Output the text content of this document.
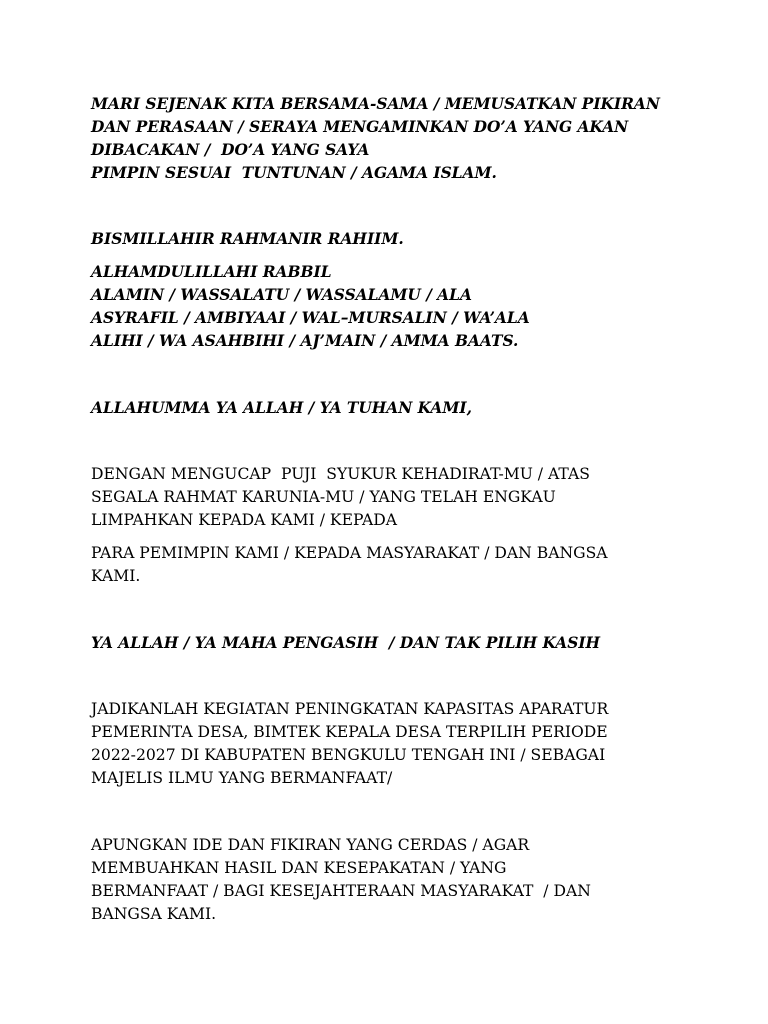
MARI SEJENAK KITA BERSAMA-SAMA / MEMUSATKAN PIKIRAN
DAN PERASAAN / SERAYA MENGAMINKAN DO’A YANG AKAN
DIBACAKAN /  DO’A YANG SAYA
PIMPIN SESUAI  TUNTUNAN / AGAMA ISLAM.
BISMILLAHIR RAHMANIR RAHIIM.
ALHAMDULILLAHI RABBIL
ALAMIN / WASSALATU / WASSALAMU / ALA
ASYRAFIL / AMBIYAAI / WAL–MURSALIN / WA’ALA
ALIHI / WA ASAHBIHI / AJ’MAIN / AMMA BAATS.
ALLAHUMMA YA ALLAH / YA TUHAN KAMI,
DENGAN MENGUCAP  PUJI  SYUKUR KEHADIRAT-MU / ATAS
SEGALA RAHMAT KARUNIA-MU / YANG TELAH ENGKAU
LIMPAHKAN KEPADA KAMI / KEPADA
PARA PEMIMPIN KAMI / KEPADA MASYARAKAT / DAN BANGSA
KAMI.
YA ALLAH / YA MAHA PENGASIH  / DAN TAK PILIH KASIH
JADIKANLAH KEGIATAN PENINGKATAN KAPASITAS APARATUR
PEMERINTA DESA, BIMTEK KEPALA DESA TERPILIH PERIODE
2022-2027 DI KABUPATEN BENGKULU TENGAH INI / SEBAGAI
MAJELIS ILMU YANG BERMANFAAT/
APUNGKAN IDE DAN FIKIRAN YANG CERDAS / AGAR
MEMBUAHKAN HASIL DAN KESEPAKATAN / YANG
BERMANFAAT / BAGI KESEJAHTERAAN MASYARAKAT  / DAN
BANGSA KAMI.
